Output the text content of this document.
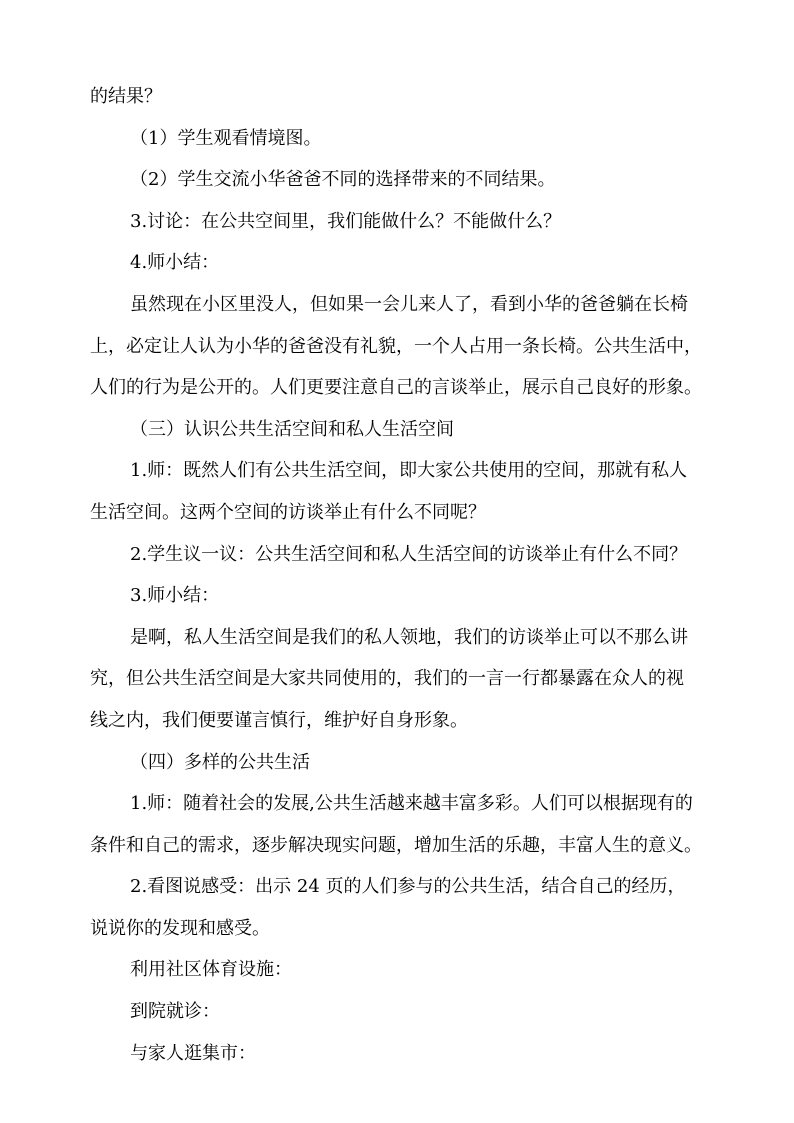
的结果？
（1）学生观看情境图。
（2）学生交流小华爸爸不同的选择带来的不同结果。
3.讨论：在公共空间里，我们能做什么？不能做什么？
4.师小结：
虽然现在小区里没人，但如果一会儿来人了，看到小华的爸爸躺在长椅
上，必定让人认为小华的爸爸没有礼貌，一个人占用一条长椅。公共生活中，
人们的行为是公开的。人们更要注意自己的言谈举止，展示自己良好的形象。
（三）认识公共生活空间和私人生活空间
1.师：既然人们有公共生活空间，即大家公共使用的空间，那就有私人
生活空间。这两个空间的访谈举止有什么不同呢？
2.学生议一议：公共生活空间和私人生活空间的访谈举止有什么不同？
3.师小结：
是啊，私人生活空间是我们的私人领地，我们的访谈举止可以不那么讲
究，但公共生活空间是大家共同使用的，我们的一言一行都暴露在众人的视
线之内，我们便要谨言慎行，维护好自身形象。
（四）多样的公共生活
1.师：随着社会的发展,公共生活越来越丰富多彩。人们可以根据现有的
条件和自己的需求，逐步解决现实问题，增加生活的乐趣，丰富人生的意义。
2.看图说感受：出示 24 页的人们参与的公共生活，结合自己的经历，
说说你的发现和感受。
利用社区体育设施：
到院就诊：
与家人逛集市：
